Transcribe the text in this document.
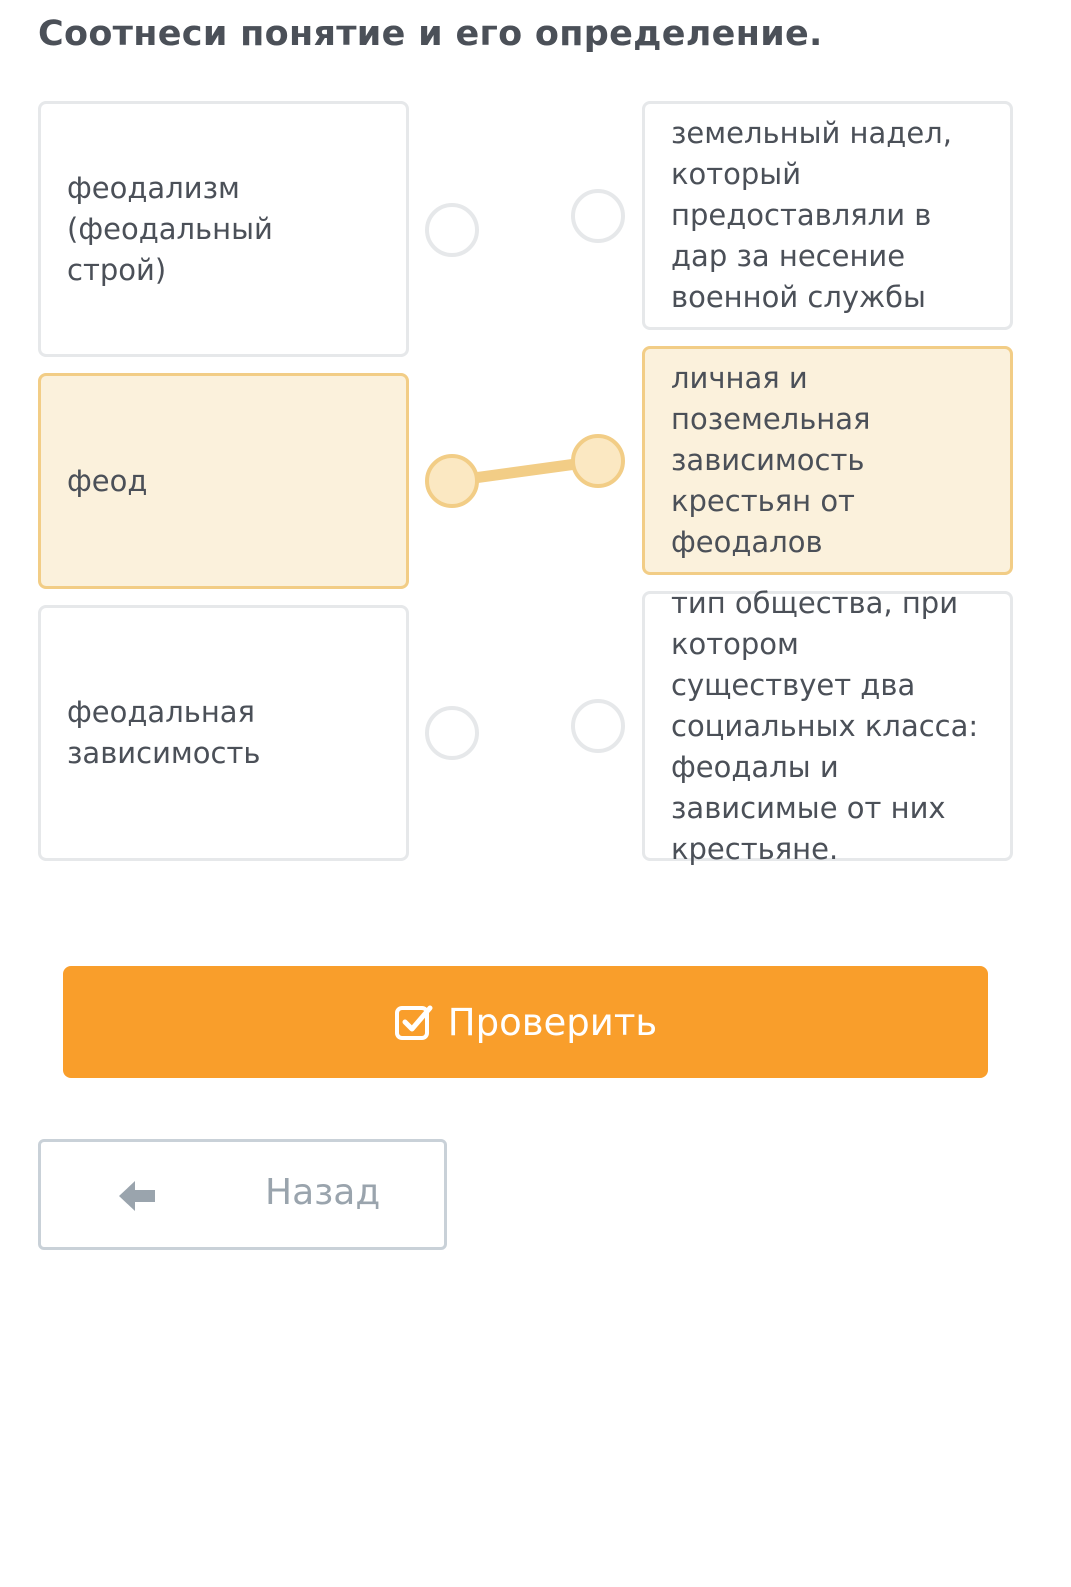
Соотнеси понятие и его определение.
феодализм (феодальный строй)
феод
феодальная зависимость
земельный надел, который предоставляли в дар за несение военной службы
личная и поземельная зависимость крестьян от феодалов
тип общества, при котором существует два социальных класса: феодалы и зависимые от них крестьяне.
Проверить
Назад
